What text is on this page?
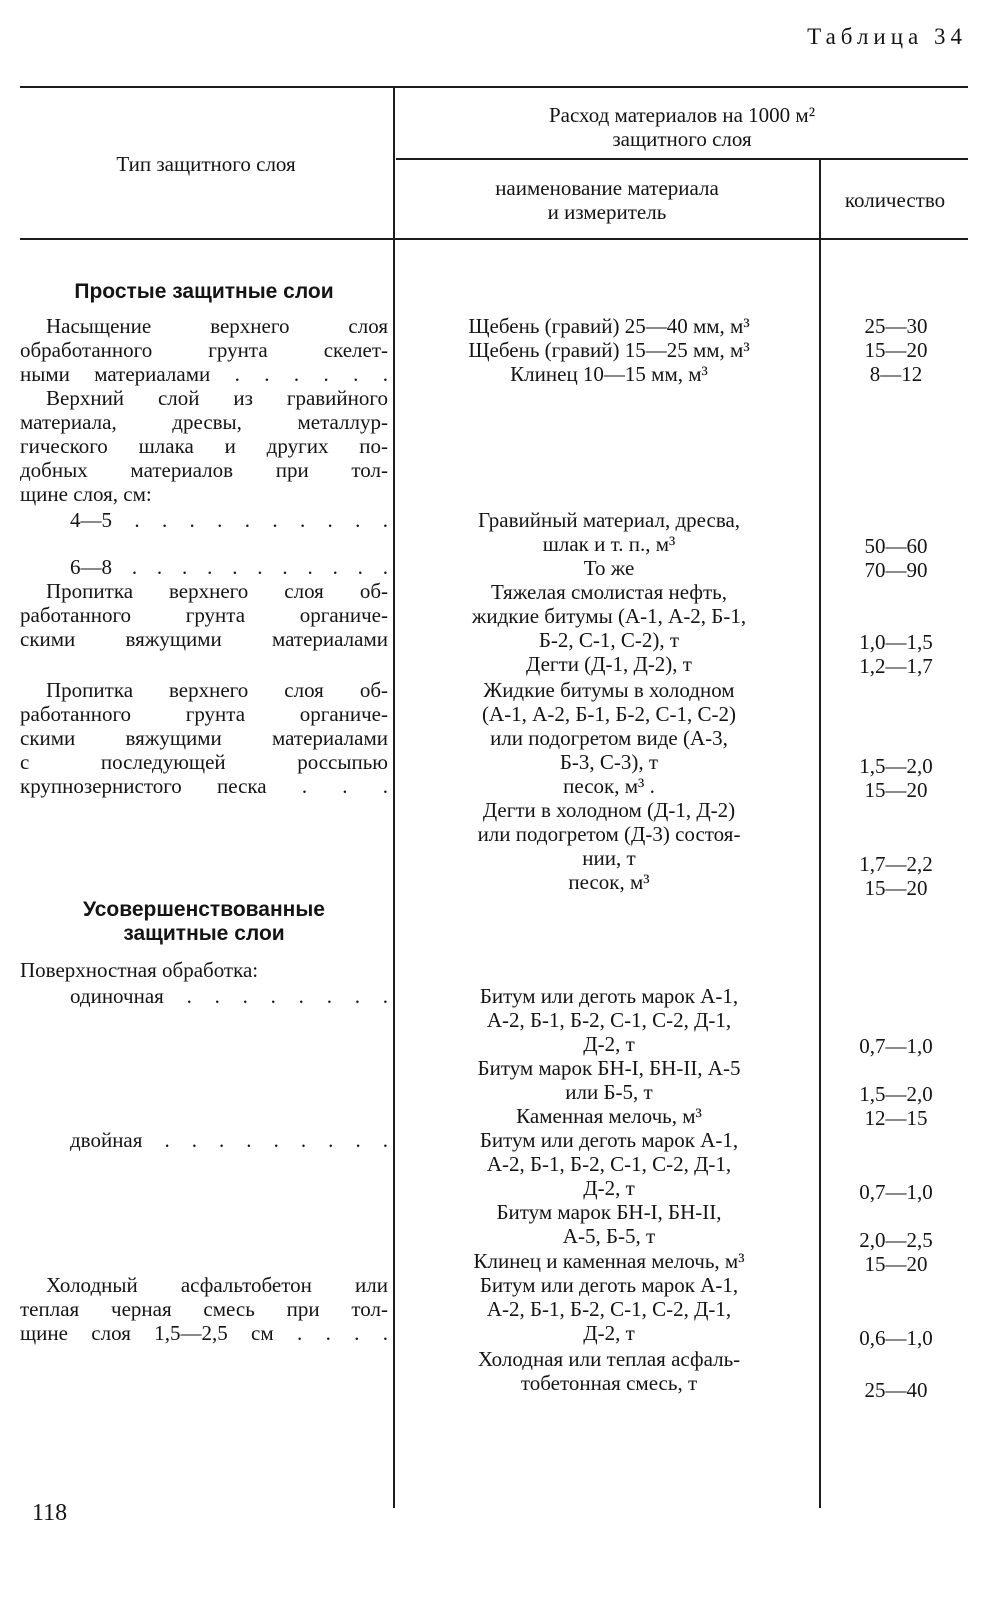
Таблица 34
Тип защитного слоя
Расход материалов на 1000 м²
защитного слоя
наименование материала
и измеритель	количество
Простые защитные слои
Насыщение верхнего слоя
обработанного грунта скелет-
ными материалами . . . . . .
Верхний слой из гравийного
материала, дресвы, металлур-
гического шлака и других по-
добных материалов при тол-
щине слоя, см:
4—5 . . . . . . . . . .
6—8 . . . . . . . . . . .
Пропитка верхнего слоя об-
работанного грунта органиче-
скими вяжущими материалами
Пропитка верхнего слоя об-
работанного грунта органиче-
скими вяжущими материалами
с последующей россыпью
крупнозернистого песка . . .
Усовершенствованные
защитные слои
Поверхностная обработка:
одиночная . . . . . . . .
двойная . . . . . . . . .
Холодный асфальтобетон или
теплая черная смесь при тол-
щине слоя 1,5—2,5 см . . . .
Щебень (гравий) 25—40 мм, м³
Щебень (гравий) 15—25 мм, м³
Клинец 10—15 мм, м³
Гравийный материал, дресва,
шлак и т. п., м³
То же
Тяжелая смолистая нефть,
жидкие битумы (А-1, А-2, Б-1,
Б-2, С-1, С-2), т
Дегти (Д-1, Д-2), т
Жидкие битумы в холодном
(А-1, А-2, Б-1, Б-2, С-1, С-2)
или подогретом виде (А-3,
Б-3, С-3), т
песок, м³ .
Дегти в холодном (Д-1, Д-2)
или подогретом (Д-3) состоя-
нии, т
песок, м³
Битум или деготь марок А-1,
А-2, Б-1, Б-2, С-1, С-2, Д-1,
Д-2, т
Битум марок БН-I, БН-II, А-5
или Б-5, т
Каменная мелочь, м³
Битум или деготь марок А-1,
А-2, Б-1, Б-2, С-1, С-2, Д-1,
Д-2, т
Битум марок БН-I, БН-II,
А-5, Б-5, т
Клинец и каменная мелочь, м³
Битум или деготь марок А-1,
А-2, Б-1, Б-2, С-1, С-2, Д-1,
Д-2, т
Холодная или теплая асфаль-
тобетонная смесь, т
25—30
15—20
8—12
50—60
70—90
1,0—1,5
1,2—1,7
1,5—2,0
15—20
1,7—2,2
15—20
0,7—1,0
1,5—2,0
12—15
0,7—1,0
2,0—2,5
15—20
0,6—1,0
25—40
118
